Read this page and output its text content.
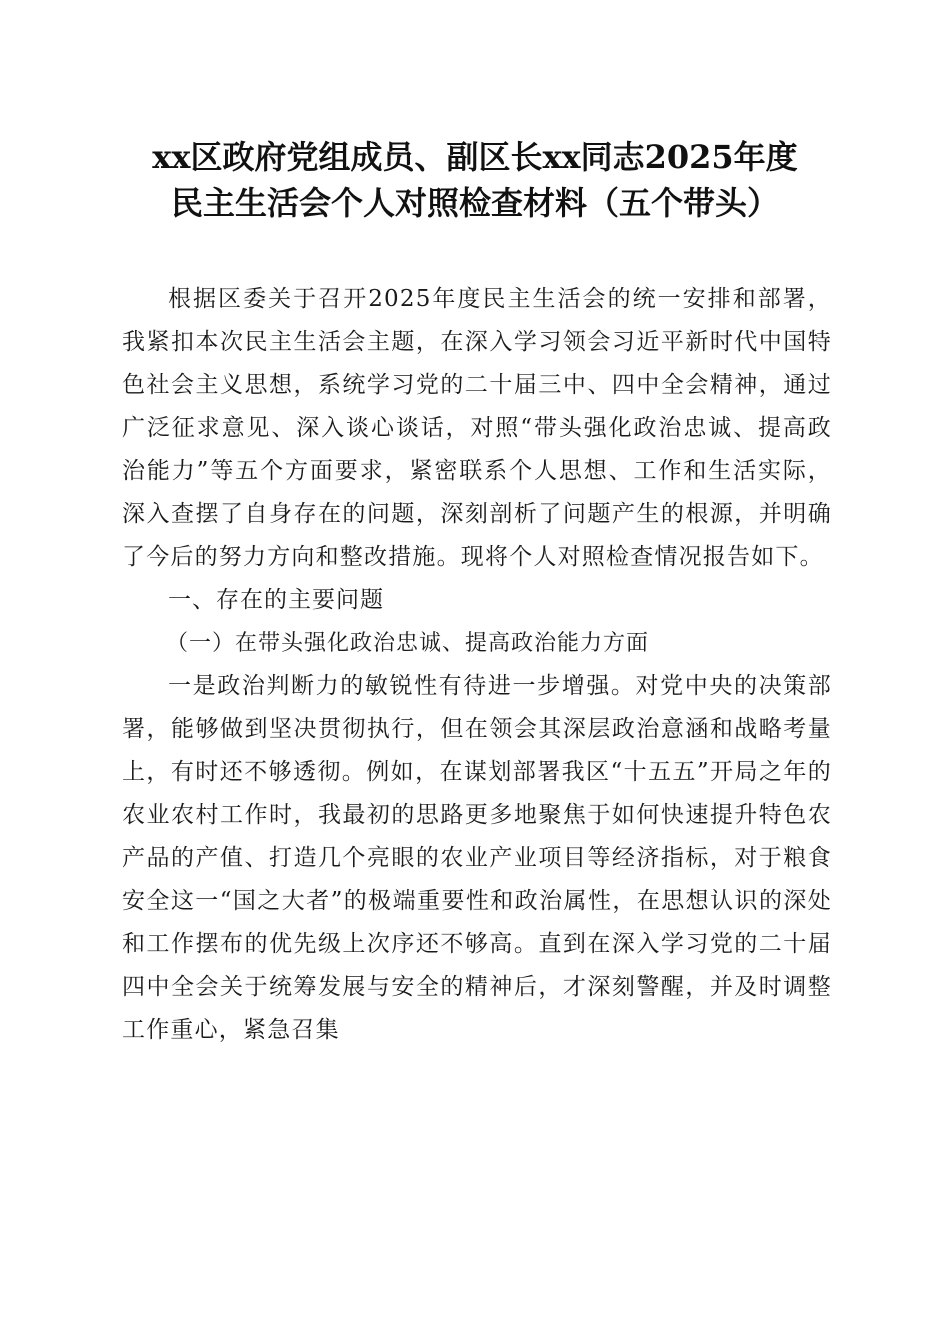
xx区政府党组成员、副区长xx同志2025年度
民主生活会个人对照检查材料（五个带头）

根据区委关于召开2025年度民主生活会的统一安排和部署，我紧扣本次民主生活会主题，在深入学习领会习近平新时代中国特色社会主义思想，系统学习党的二十届三中、四中全会精神，通过广泛征求意见、深入谈心谈话，对照“带头强化政治忠诚、提高政治能力”等五个方面要求，紧密联系个人思想、工作和生活实际，深入查摆了自身存在的问题，深刻剖析了问题产生的根源，并明确了今后的努力方向和整改措施。现将个人对照检查情况报告如下。

一、存在的主要问题

（一）在带头强化政治忠诚、提高政治能力方面

一是政治判断力的敏锐性有待进一步增强。对党中央的决策部署，能够做到坚决贯彻执行，但在领会其深层政治意涵和战略考量上，有时还不够透彻。例如，在谋划部署我区“十五五”开局之年的农业农村工作时，我最初的思路更多地聚焦于如何快速提升特色农产品的产值、打造几个亮眼的农业产业项目等经济指标，对于粮食安全这一“国之大者”的极端重要性和政治属性，在思想认识的深处和工作摆布的优先级上次序还不够高。直到在深入学习党的二十届四中全会关于统筹发展与安全的精神后，才深刻警醒，并及时调整工作重心，紧急召集
